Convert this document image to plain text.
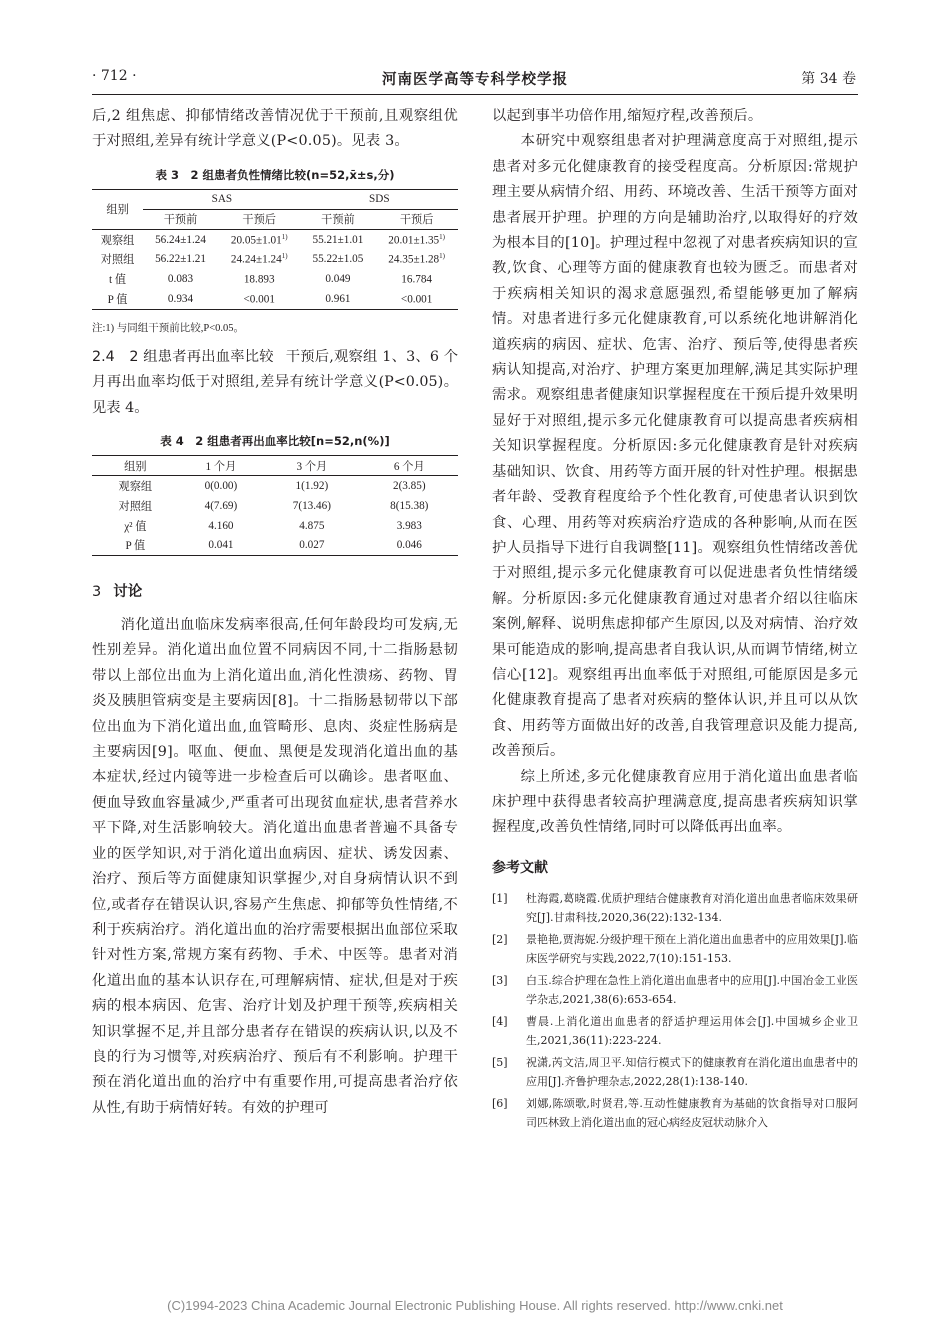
· 712 ·	河南医学高等专科学校学报	第 34 卷

后,2 组焦虑、抑郁情绪改善情况优于干预前,且观察组优于对照组,差异有统计学意义(P<0.05)。见表 3。

表 3　2 组患者负性情绪比较(n=52,x̄±s,分)
组别	SAS		SDS	
	干预前	干预后	干预前	干预后
观察组	56.24±1.24	$20.05\pm 1.01^{1)}$	55.21±1.01	$20.01\pm 1.35^{1)}$
对照组	56.22±1.21	$24.24\pm 1.24^{1)}$	55.22±1.05	$24.35\pm 1.28^{1)}$
t 值	0.083	18.893	0.049	16.784
P 值	0.934	<0.001	0.961	<0.001
注:1) 与同组干预前比较,P<0.05。

2.4　2 组患者再出血率比较 干预后,观察组 1、3、6 个月再出血率均低于对照组,差异有统计学意义(P<0.05)。见表 4。

表 4　2 组患者再出血率比较[n=52,n(%)]
组别	1 个月	3 个月	6 个月
观察组	0(0.00)	1(1.92)	2(3.85)
对照组	4(7.69)	7(13.46)	8(15.38)
χ² 值	4.160	4.875	3.983
P 值	0.041	0.027	0.046
3 讨论

消化道出血临床发病率很高,任何年龄段均可发病,无性别差异。消化道出血位置不同病因不同,十二指肠悬韧带以上部位出血为上消化道出血,消化性溃疡、药物、胃炎及胰胆管病变是主要病因[8]。十二指肠悬韧带以下部位出血为下消化道出血,血管畸形、息肉、炎症性肠病是主要病因[9]。呕血、便血、黑便是发现消化道出血的基本症状,经过内镜等进一步检查后可以确诊。患者呕血、便血导致血容量减少,严重者可出现贫血症状,患者营养水平下降,对生活影响较大。消化道出血患者普遍不具备专业的医学知识,对于消化道出血病因、症状、诱发因素、治疗、预后等方面健康知识掌握少,对自身病情认识不到位,或者存在错误认识,容易产生焦虑、抑郁等负性情绪,不利于疾病治疗。消化道出血的治疗需要根据出血部位采取针对性方案,常规方案有药物、手术、中医等。患者对消化道出血的基本认识存在,可理解病情、症状,但是对于疾病的根本病因、危害、治疗计划及护理干预等,疾病相关知识掌握不足,并且部分患者存在错误的疾病认识,以及不良的行为习惯等,对疾病治疗、预后有不利影响。护理干预在消化道出血的治疗中有重要作用,可提高患者治疗依从性,有助于病情好转。有效的护理可

以起到事半功倍作用,缩短疗程,改善预后。

本研究中观察组患者对护理满意度高于对照组,提示患者对多元化健康教育的接受程度高。分析原因:常规护理主要从病情介绍、用药、环境改善、生活干预等方面对患者展开护理。护理的方向是辅助治疗,以取得好的疗效为根本目的[10]。护理过程中忽视了对患者疾病知识的宣教,饮食、心理等方面的健康教育也较为匮乏。而患者对于疾病相关知识的渴求意愿强烈,希望能够更加了解病情。对患者进行多元化健康教育,可以系统化地讲解消化道疾病的病因、症状、危害、治疗、预后等,使得患者疾病认知提高,对治疗、护理方案更加理解,满足其实际护理需求。观察组患者健康知识掌握程度在干预后提升效果明显好于对照组,提示多元化健康教育可以提高患者疾病相关知识掌握程度。分析原因:多元化健康教育是针对疾病基础知识、饮食、用药等方面开展的针对性护理。根据患者年龄、受教育程度给予个性化教育,可使患者认识到饮食、心理、用药等对疾病治疗造成的各种影响,从而在医护人员指导下进行自我调整[11]。观察组负性情绪改善优于对照组,提示多元化健康教育可以促进患者负性情绪缓解。分析原因:多元化健康教育通过对患者介绍以往临床案例,解释、说明焦虑抑郁产生原因,以及对病情、治疗效果可能造成的影响,提高患者自我认识,从而调节情绪,树立信心[12]。观察组再出血率低于对照组,可能原因是多元化健康教育提高了患者对疾病的整体认识,并且可以从饮食、用药等方面做出好的改善,自我管理意识及能力提高,改善预后。

综上所述,多元化健康教育应用于消化道出血患者临床护理中获得患者较高护理满意度,提高患者疾病知识掌握程度,改善负性情绪,同时可以降低再出血率。

参考文献
[1]	杜海霞,葛晓霞.优质护理结合健康教育对消化道出血患者临床效果研究[J].甘肃科技,2020,36(22):132-134.
[2]	景艳艳,贾海妮.分级护理干预在上消化道出血患者中的应用效果[J].临床医学研究与实践,2022,7(10):151-153.
[3]	白玉.综合护理在急性上消化道出血患者中的应用[J].中国冶金工业医学杂志,2021,38(6):653-654.
[4]	曹晨.上消化道出血患者的舒适护理运用体会[J].中国城乡企业卫生,2021,36(11):223-224.
[5]	祝潇,芮文洁,周卫平.知信行模式下的健康教育在消化道出血患者中的应用[J].齐鲁护理杂志,2022,28(1):138-140.
[6]	刘娜,陈颂歌,时贤君,等.互动性健康教育为基础的饮食指导对口服阿司匹林致上消化道出血的冠心病经皮冠状动脉介入
(C)1994-2023 China Academic Journal Electronic Publishing House. All rights reserved. http://www.cnki.net
